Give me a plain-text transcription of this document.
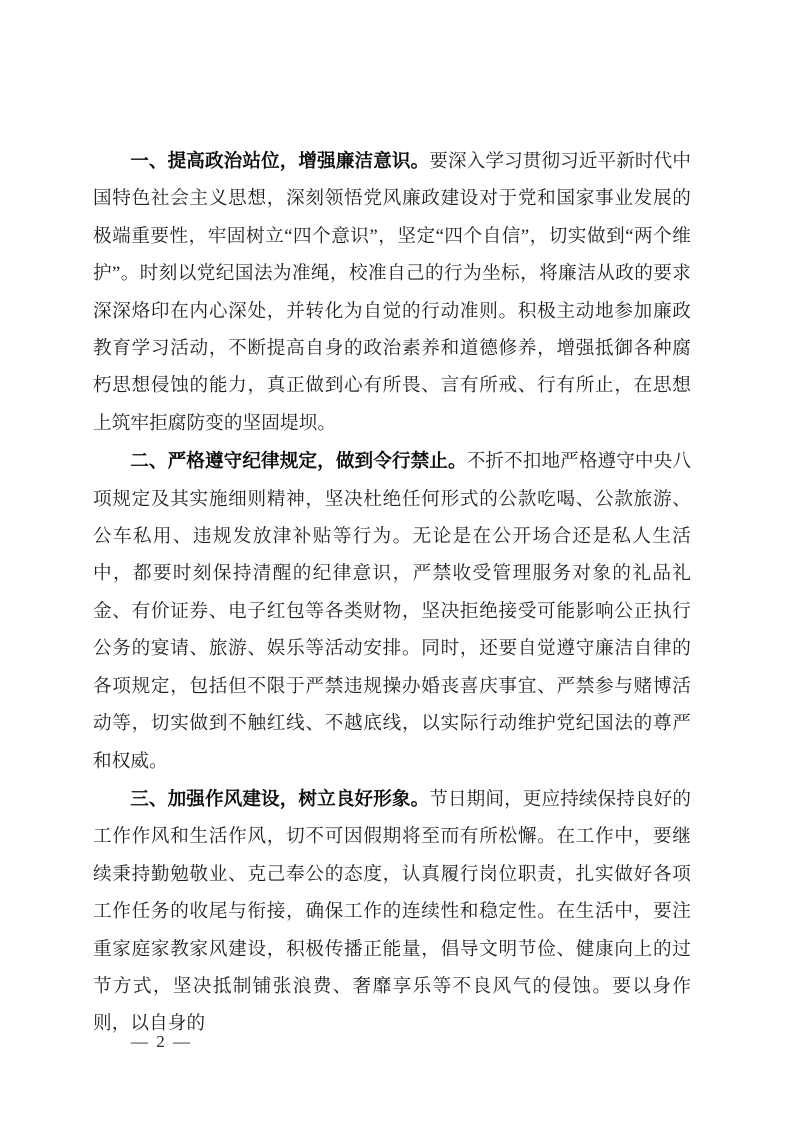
一、提高政治站位，增强廉洁意识。要深入学习贯彻习近平新时代中国特色社会主义思想，深刻领悟党风廉政建设对于党和国家事业发展的极端重要性，牢固树立“四个意识”，坚定“四个自信”，切实做到“两个维护”。时刻以党纪国法为准绳，校准自己的行为坐标，将廉洁从政的要求深深烙印在内心深处，并转化为自觉的行动准则。积极主动地参加廉政教育学习活动，不断提高自身的政治素养和道德修养，增强抵御各种腐朽思想侵蚀的能力，真正做到心有所畏、言有所戒、行有所止，在思想上筑牢拒腐防变的坚固堤坝。

二、严格遵守纪律规定，做到令行禁止。不折不扣地严格遵守中央八项规定及其实施细则精神，坚决杜绝任何形式的公款吃喝、公款旅游、公车私用、违规发放津补贴等行为。无论是在公开场合还是私人生活中，都要时刻保持清醒的纪律意识，严禁收受管理服务对象的礼品礼金、有价证券、电子红包等各类财物，坚决拒绝接受可能影响公正执行公务的宴请、旅游、娱乐等活动安排。同时，还要自觉遵守廉洁自律的各项规定，包括但不限于严禁违规操办婚丧喜庆事宜、严禁参与赌博活动等，切实做到不触红线、不越底线，以实际行动维护党纪国法的尊严和权威。

三、加强作风建设，树立良好形象。节日期间，更应持续保持良好的工作作风和生活作风，切不可因假期将至而有所松懈。在工作中，要继续秉持勤勉敬业、克己奉公的态度，认真履行岗位职责，扎实做好各项工作任务的收尾与衔接，确保工作的连续性和稳定性。在生活中，要注重家庭家教家风建设，积极传播正能量，倡导文明节俭、健康向上的过节方式，坚决抵制铺张浪费、奢靡享乐等不良风气的侵蚀。要以身作则，以自身的

— 2 —
